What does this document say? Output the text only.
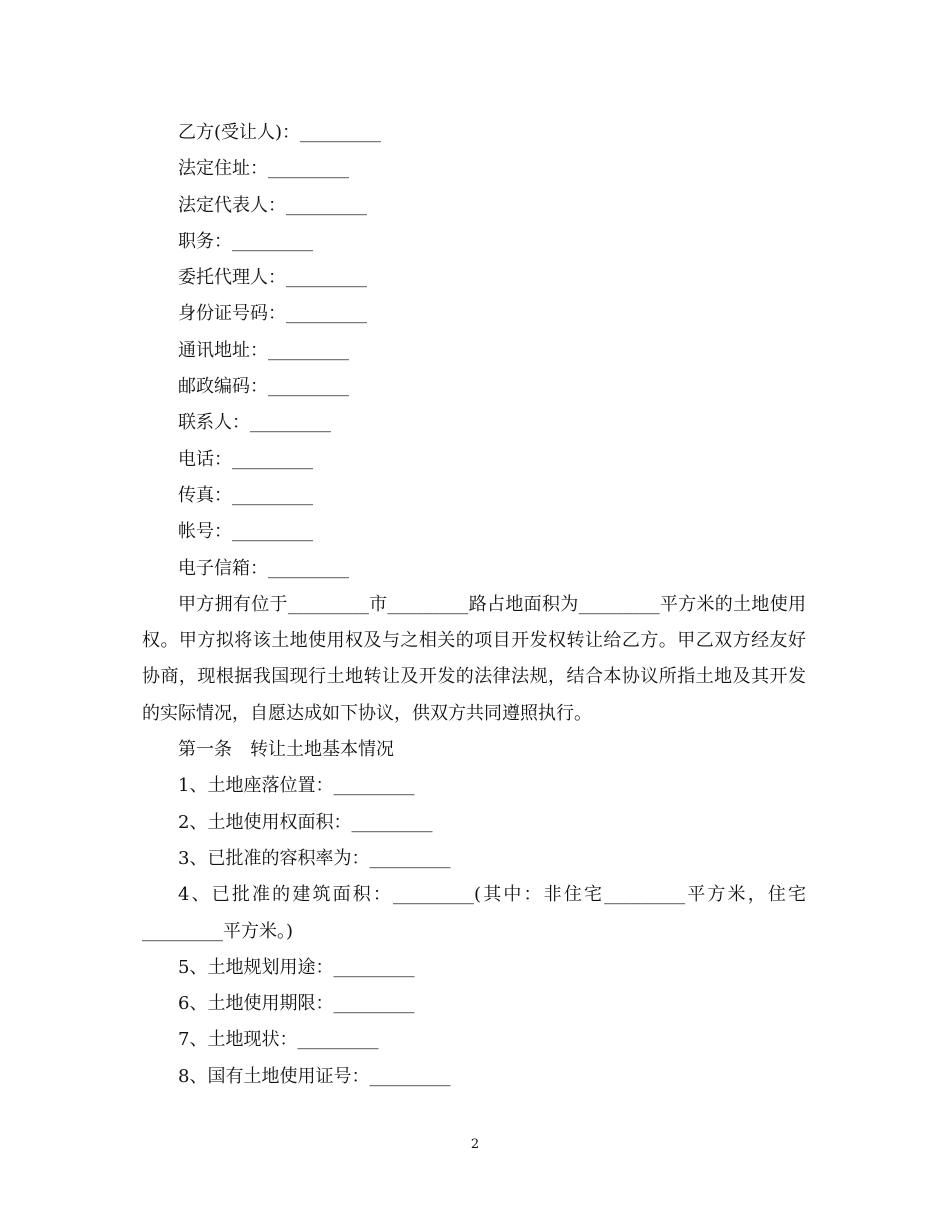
乙方(受让人)：_________

法定住址：_________

法定代表人：_________

职务：_________

委托代理人：_________

身份证号码：_________

通讯地址：_________

邮政编码：_________

联系人：_________

电话：_________

传真：_________

帐号：_________

电子信箱：_________

甲方拥有位于_________市_________路占地面积为_________平方米的土地使用权。甲方拟将该土地使用权及与之相关的项目开发权转让给乙方。甲乙双方经友好协商，现根据我国现行土地转让及开发的法律法规，结合本协议所指土地及其开发的实际情况，自愿达成如下协议，供双方共同遵照执行。

第一条　转让土地基本情况

1、土地座落位置：_________

2、土地使用权面积：_________

3、已批准的容积率为：_________

4、已批准的建筑面积：_________(其中：非住宅_________平方米，住宅_________平方米。)

5、土地规划用途：_________

6、土地使用期限：_________

7、土地现状：_________

8、国有土地使用证号：_________

2
